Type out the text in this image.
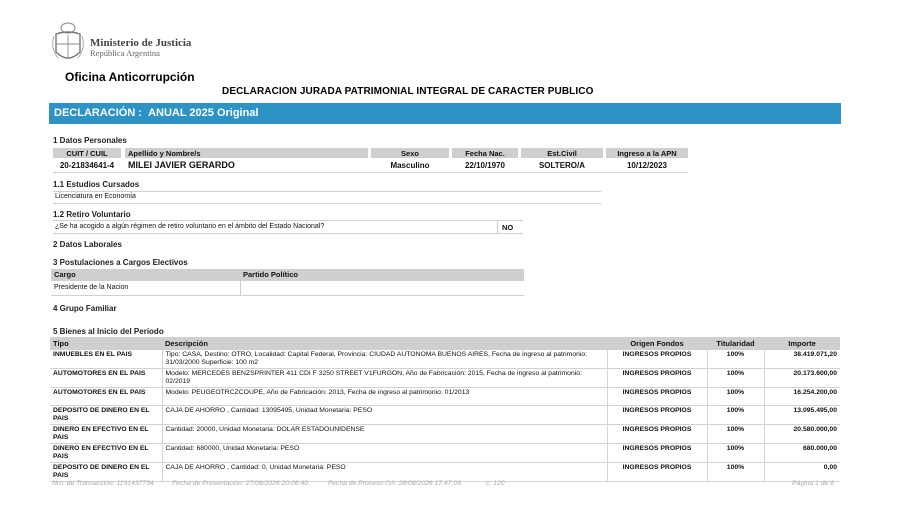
Ministerio de Justicia
República Argentina
Oficina Anticorrupción
DECLARACION JURADA PATRIMONIAL INTEGRAL DE CARACTER PUBLICO
DECLARACIÓN : ANUAL 2025 Original
1 Datos Personales
CUIT / CUIL	Apellido y Nombre/s	Sexo	Fecha Nac.	Est.Civil	Ingreso a la APN
20-21834641-4	MILEI JAVIER GERARDO	Masculino	22/10/1970	SOLTERO/A	10/12/2023
1.1 Estudios Cursados
Licenciatura en Economía
1.2 Retiro Voluntario
¿Se ha acogido a algún régimen de retiro voluntario en el ámbito del Estado Nacional?	NO
2 Datos Laborales
3 Postulaciones a Cargos Electivos
Cargo	Partido Político
Presidente de la Nacion
4 Grupo Familiar
5 Bienes al Inicio del Período
Tipo	Descripción	Origen Fondos	Titularidad	Importe
INMUEBLES EN EL PAIS	Tipo: CASA, Destino: OTRO, Localidad: Capital Federal, Provincia: CIUDAD AUTONOMA BUENOS AIRES, Fecha de ingreso al patrimonio: 31/03/2000 Superficie: 100 m2	INGRESOS PROPIOS	100%	38.419.071,20
AUTOMOTORES EN EL PAIS	Modelo: MERCEDES BENZSPRINTER 411 CDI F 3250 STREET V1FURGON, Año de Fabricación: 2015, Fecha de ingreso al patrimonio: 02/2019	INGRESOS PROPIOS	100%	20.173.600,00
AUTOMOTORES EN EL PAIS	Modelo: PEUGEOTRCZCOUPE, Año de Fabricación: 2013, Fecha de ingreso al patrimonio: 01/2013	INGRESOS PROPIOS	100%	16.254.200,00
DEPOSITO DE DINERO EN EL PAIS	CAJA DE AHORRO , Cantidad: 13095495, Unidad Monetaria: PESO	INGRESOS PROPIOS	100%	13.095.495,00
DINERO EN EFECTIVO EN EL PAIS	Cantidad: 20000, Unidad Monetaria: DOLAR ESTADOUNIDENSE	INGRESOS PROPIOS	100%	20.580.000,00
DINERO EN EFECTIVO EN EL PAIS	Cantidad: 680000, Unidad Monetaria: PESO	INGRESOS PROPIOS	100%	680.000,00
DEPOSITO DE DINERO EN EL PAIS	CAJA DE AHORRO , Cantidad: 0, Unidad Monetaria: PESO	INGRESOS PROPIOS	100%	0,00
Nro. de Transacción: 1191437754	Fecha de Presentación: 27/08/2026 20:06:40	Fecha de Proceso OA: 28/08/2026 17:47:09	c: 120	Página 1 de 6
